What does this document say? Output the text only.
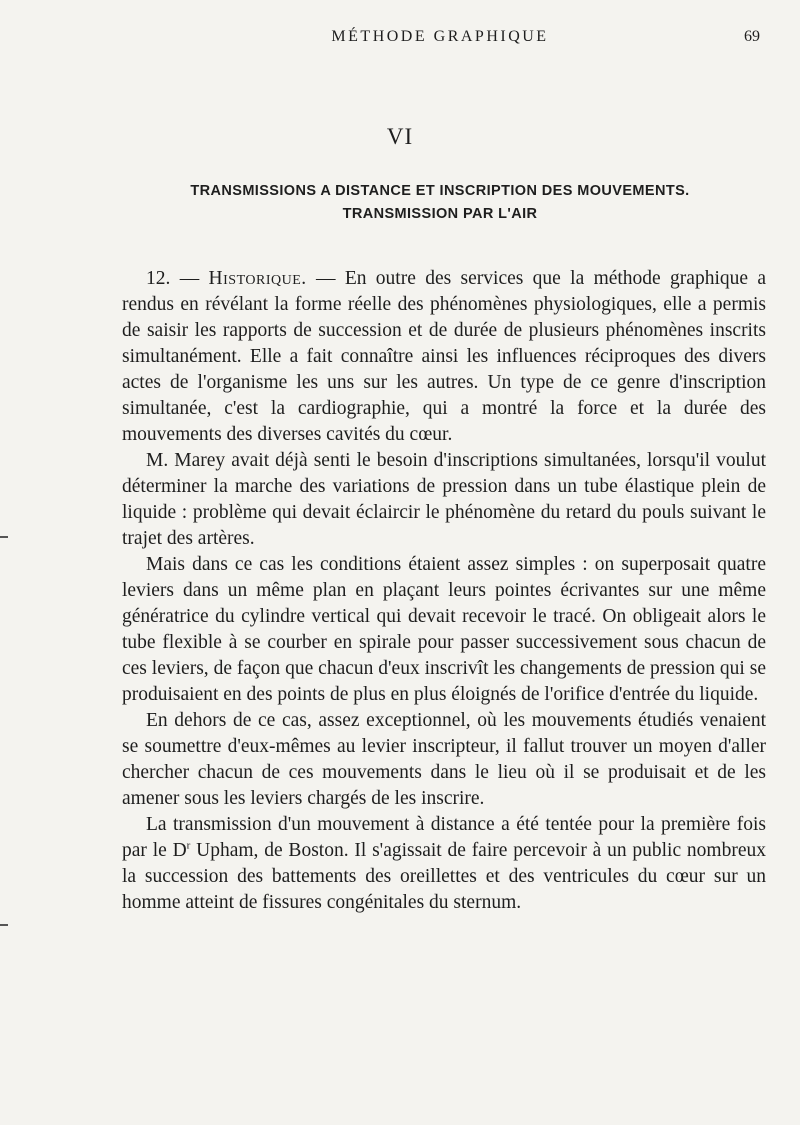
MÉTHODE GRAPHIQUE	69
VI
TRANSMISSIONS A DISTANCE ET INSCRIPTION DES MOUVEMENTS.
TRANSMISSION PAR L'AIR

12. — Historique. — En outre des services que la méthode graphique a rendus en révélant la forme réelle des phénomènes physiologiques, elle a permis de saisir les rapports de succession et de durée de plusieurs phénomènes inscrits simultanément. Elle a fait connaître ainsi les influences réciproques des divers actes de l'organisme les uns sur les autres. Un type de ce genre d'inscription simultanée, c'est la cardiographie, qui a montré la force et la durée des mouvements des diverses cavités du cœur.

M. Marey avait déjà senti le besoin d'inscriptions simultanées, lorsqu'il voulut déterminer la marche des variations de pression dans un tube élastique plein de liquide : problème qui devait éclaircir le phénomène du retard du pouls suivant le trajet des artères.

Mais dans ce cas les conditions étaient assez simples : on superposait quatre leviers dans un même plan en plaçant leurs pointes écrivantes sur une même génératrice du cylindre vertical qui devait recevoir le tracé. On obligeait alors le tube flexible à se courber en spirale pour passer successivement sous chacun de ces leviers, de façon que chacun d'eux inscrivît les changements de pression qui se produisaient en des points de plus en plus éloignés de l'orifice d'entrée du liquide.

En dehors de ce cas, assez exceptionnel, où les mouvements étudiés venaient se soumettre d'eux-mêmes au levier inscripteur, il fallut trouver un moyen d'aller chercher chacun de ces mouvements dans le lieu où il se produisait et de les amener sous les leviers chargés de les inscrire.

La transmission d'un mouvement à distance a été tentée pour la première fois par le $D^r$ Upham, de Boston. Il s'agissait de faire percevoir à un public nombreux la succession des battements des oreillettes et des ventricules du cœur sur un homme atteint de fissures congénitales du sternum.
